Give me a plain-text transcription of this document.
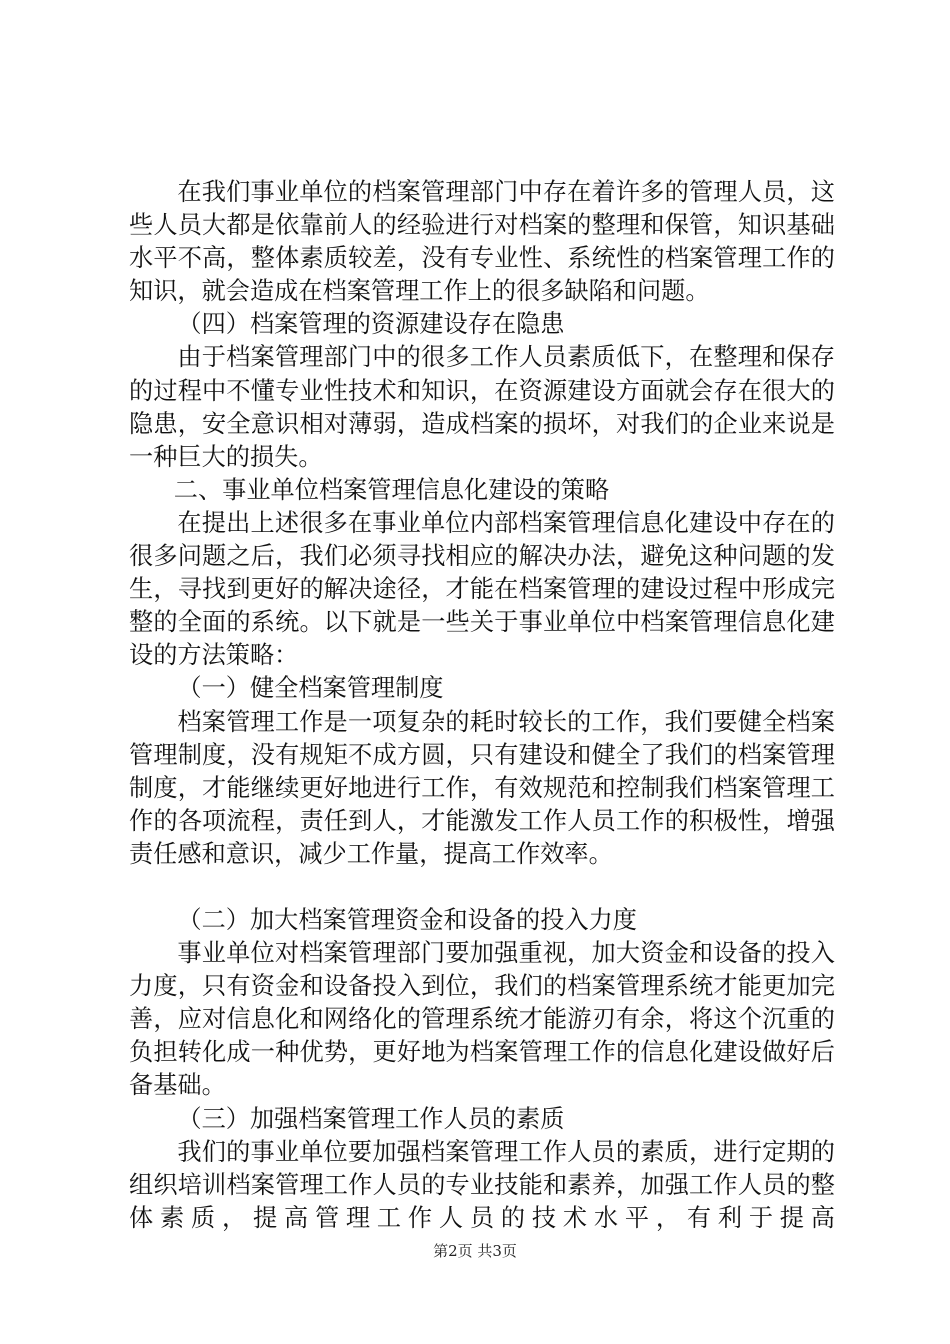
在我们事业单位的档案管理部门中存在着许多的管理人员，这些人员大都是依靠前人的经验进行对档案的整理和保管，知识基础水平不高，整体素质较差，没有专业性、系统性的档案管理工作的知识，就会造成在档案管理工作上的很多缺陷和问题。

（四）档案管理的资源建设存在隐患

由于档案管理部门中的很多工作人员素质低下，在整理和保存的过程中不懂专业性技术和知识，在资源建设方面就会存在很大的隐患，安全意识相对薄弱，造成档案的损坏，对我们的企业来说是一种巨大的损失。

二、事业单位档案管理信息化建设的策略

在提出上述很多在事业单位内部档案管理信息化建设中存在的很多问题之后，我们必须寻找相应的解决办法，避免这种问题的发生，寻找到更好的解决途径，才能在档案管理的建设过程中形成完整的全面的系统。以下就是一些关于事业单位中档案管理信息化建设的方法策略：

（一）健全档案管理制度

档案管理工作是一项复杂的耗时较长的工作，我们要健全档案管理制度，没有规矩不成方圆，只有建设和健全了我们的档案管理制度，才能继续更好地进行工作，有效规范和控制我们档案管理工作的各项流程，责任到人，才能激发工作人员工作的积极性，增强责任感和意识，减少工作量，提高工作效率。

（二）加大档案管理资金和设备的投入力度

事业单位对档案管理部门要加强重视，加大资金和设备的投入力度，只有资金和设备投入到位，我们的档案管理系统才能更加完善，应对信息化和网络化的管理系统才能游刃有余，将这个沉重的负担转化成一种优势，更好地为档案管理工作的信息化建设做好后备基础。

（三）加强档案管理工作人员的素质

我们的事业单位要加强档案管理工作人员的素质，进行定期的组织培训档案管理工作人员的专业技能和素养，加强工作人员的整体素质，提高管理工作人员的技术水平，有利于提高

第2页 共3页
